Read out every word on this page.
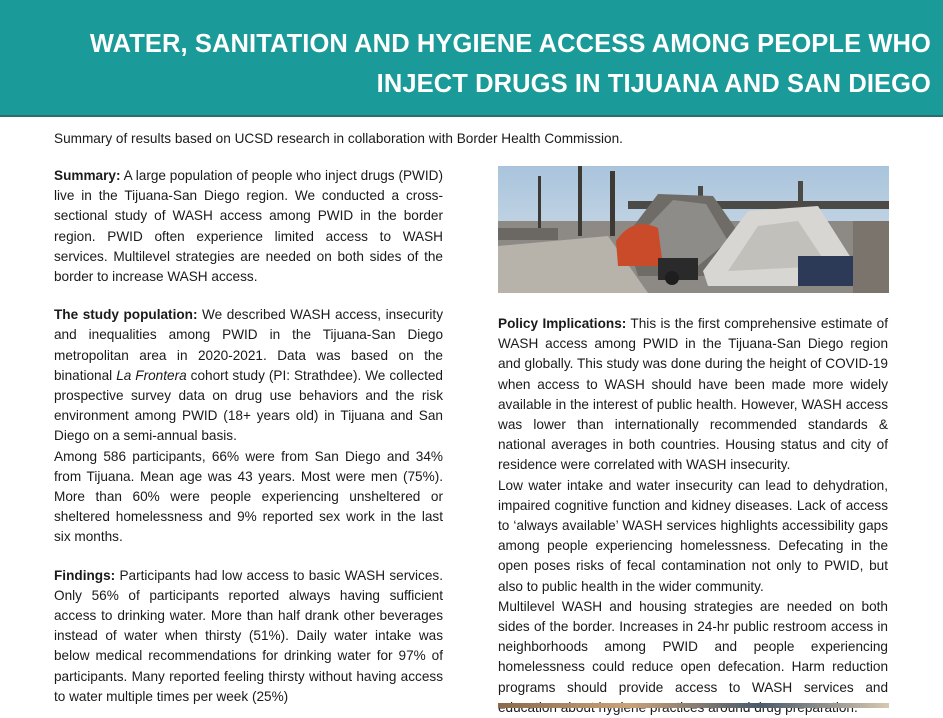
WATER, SANITATION AND HYGIENE ACCESS AMONG PEOPLE WHO
INJECT DRUGS IN TIJUANA AND SAN DIEGO
Summary of results based on UCSD research in collaboration with Border Health Commission.

Summary: A large population of people who inject drugs (PWID) live in the Tijuana-San Diego region. We conducted a cross-sectional study of WASH access among PWID in the border region. PWID often experience limited access to WASH services. Multilevel strategies are needed on both sides of the border to increase WASH access.

The study population: We described WASH access, insecurity and inequalities among PWID in the Tijuana-San Diego metropolitan area in 2020-2021. Data was based on the binational La Frontera cohort study (PI: Strathdee). We collected prospective survey data on drug use behaviors and the risk environment among PWID (18+ years old) in Tijuana and San Diego on a semi-annual basis.

Among 586 participants, 66% were from San Diego and 34% from Tijuana. Mean age was 43 years. Most were men (75%). More than 60% were people experiencing unsheltered or sheltered homelessness and 9% reported sex work in the last six months.

Findings: Participants had low access to basic WASH services. Only 56% of participants reported always having sufficient access to drinking water. More than half drank other beverages instead of water when thirsty (51%). Daily water intake was below medical recommendations for drinking water for 97% of participants. Many reported feeling thirsty without having access to water multiple times per week (25%)

Policy Implications: This is the first comprehensive estimate of WASH access among PWID in the Tijuana-San Diego region and globally. This study was done during the height of COVID-19 when access to WASH should have been made more widely available in the interest of public health. However, WASH access was lower than internationally recommended standards & national averages in both countries. Housing status and city of residence were correlated with WASH insecurity.

Low water intake and water insecurity can lead to dehydration, impaired cognitive function and kidney diseases. Lack of access to ‘always available’ WASH services highlights accessibility gaps among people experiencing homelessness. Defecating in the open poses risks of fecal contamination not only to PWID, but also to public health in the wider community.

Multilevel WASH and housing strategies are needed on both sides of the border. Increases in 24-hr public restroom access in neighborhoods among PWID and people experiencing homelessness could reduce open defecation. Harm reduction programs should provide access to WASH services and
